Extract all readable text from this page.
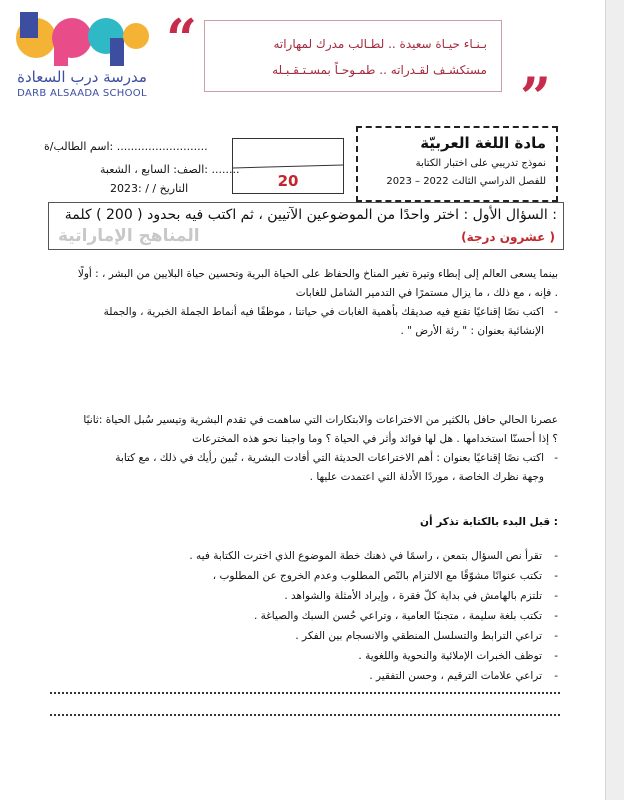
مدرسة درب السعادة
DARB ALSAADA SCHOOL
“	بـنـاء حيـاة سعيدة .. لطـالب مدرك لمهاراته
مستكشـف لقـدراته .. طمـوحـاً بمسـتـقـبـله ”
.......................... :اسم الطالب/ة
........ :الصف: السابع ، الشعبة
التاريخ / / :2023	20
مادة اللغة العربيّة
نموذج تدريبي على اختبار الكتابة
للفصل الدراسي الثالث 2022 – 2023
: السؤال الأول : اختر واحدًا من الموضوعين الآتيين ، ثم اكتب فيه بحدود ( 200 ) كلمة
( عشرون درجة)
المناهج الإماراتية
بينما يسعى العالم إلى إبطاء وتيرة تغير المناخ والحفاظ على الحياة البرية وتحسين حياة البلايين من البشر ، : أولًا
. فإنه ، مع ذلك ، ما يزال مستمرًا في التدمير الشامل للغابات
-
اكتب نصًا إقناعيًا تقنع فيه صديقك بأهمية الغابات في حياتنا ، موظفًا فيه أنماط الجملة الخبرية ، والجملة
الإنشائية بعنوان : " رئة الأرض " .
عصرنا الحالي حافل بالكثير من الاختراعات والابتكارات التي ساهمت في تقدم البشرية وتيسير سُبل الحياة :ثانيًا
؟ إذا أحسنّا استخدامها . هل لها فوائد وأثر في الحياة ؟ وما واجبنا نحو هذه المخترعات
-
اكتب نصًا إقناعيًا بعنوان : أهم الاختراعات الحديثة التي أفادت البشرية ، تُبين رأيك في ذلك ، مع كتابة
وجهة نظرك الخاصة ، موردًا الأدلة التي اعتمدت عليها .
: قبل البدء بالكتابة تذكر أن
-
تقرأ نص السؤال بتمعن ، راسمًا في ذهنك خطة الموضوع الذي اخترت الكتابة فيه .
-
تكتب عنوانًا مشوّقًا مع الالتزام بالنّص المطلوب وعدم الخروج عن المطلوب ،
-
تلتزم بالهامش في بداية كلّ فقرة ، وإيراد الأمثلة والشواهد .
-
تكتب بلغة سليمة ، متجنبًا العامية ، وتراعي حُسن السبك والصياغة .
-
تراعي الترابط والتسلسل المنطقي والانسجام بين الفكر .
-
توظف الخبرات الإملائية والنحوية واللغوية .
-
تراعي علامات الترقيم ، وحسن التفقير .
